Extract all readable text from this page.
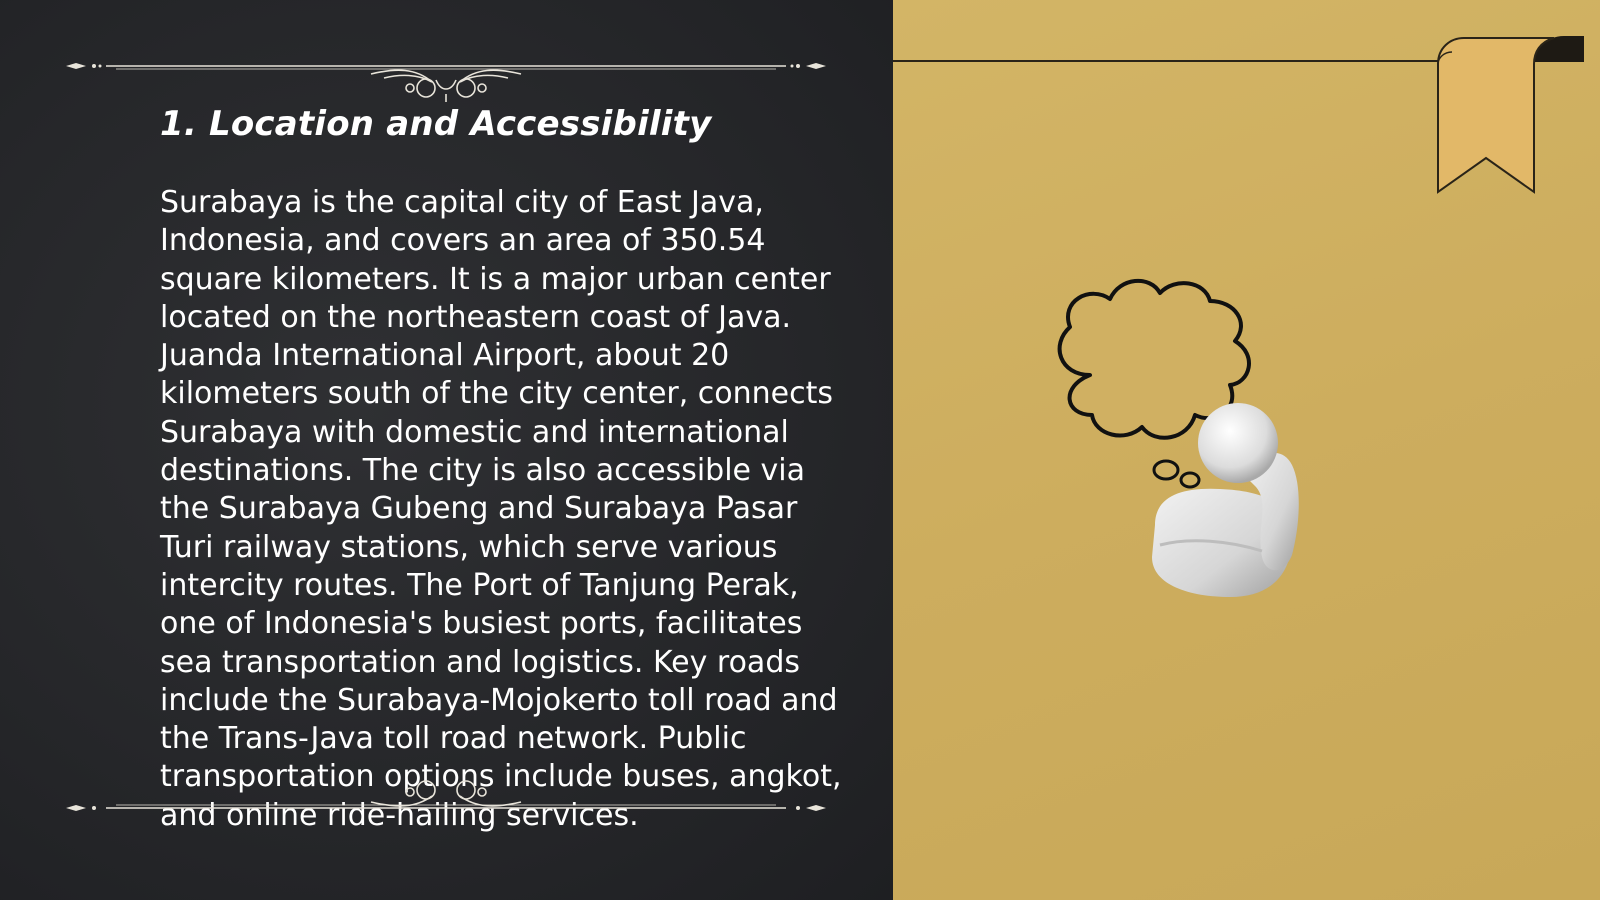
1. Location and Accessibility

Surabaya is the capital city of East Java, Indonesia, and covers an area of 350.54 square kilometers. It is a major urban center located on the northeastern coast of Java. Juanda International Airport, about 20 kilometers south of the city center, connects Surabaya with domestic and international destinations. The city is also accessible via the Surabaya Gubeng and Surabaya Pasar Turi railway stations, which serve various intercity routes. The Port of Tanjung Perak, one of Indonesia's busiest ports, facilitates sea transportation and logistics. Key roads include the Surabaya-Mojokerto toll road and the Trans-Java toll road network. Public transportation options include buses, angkot, and online ride-hailing services.
